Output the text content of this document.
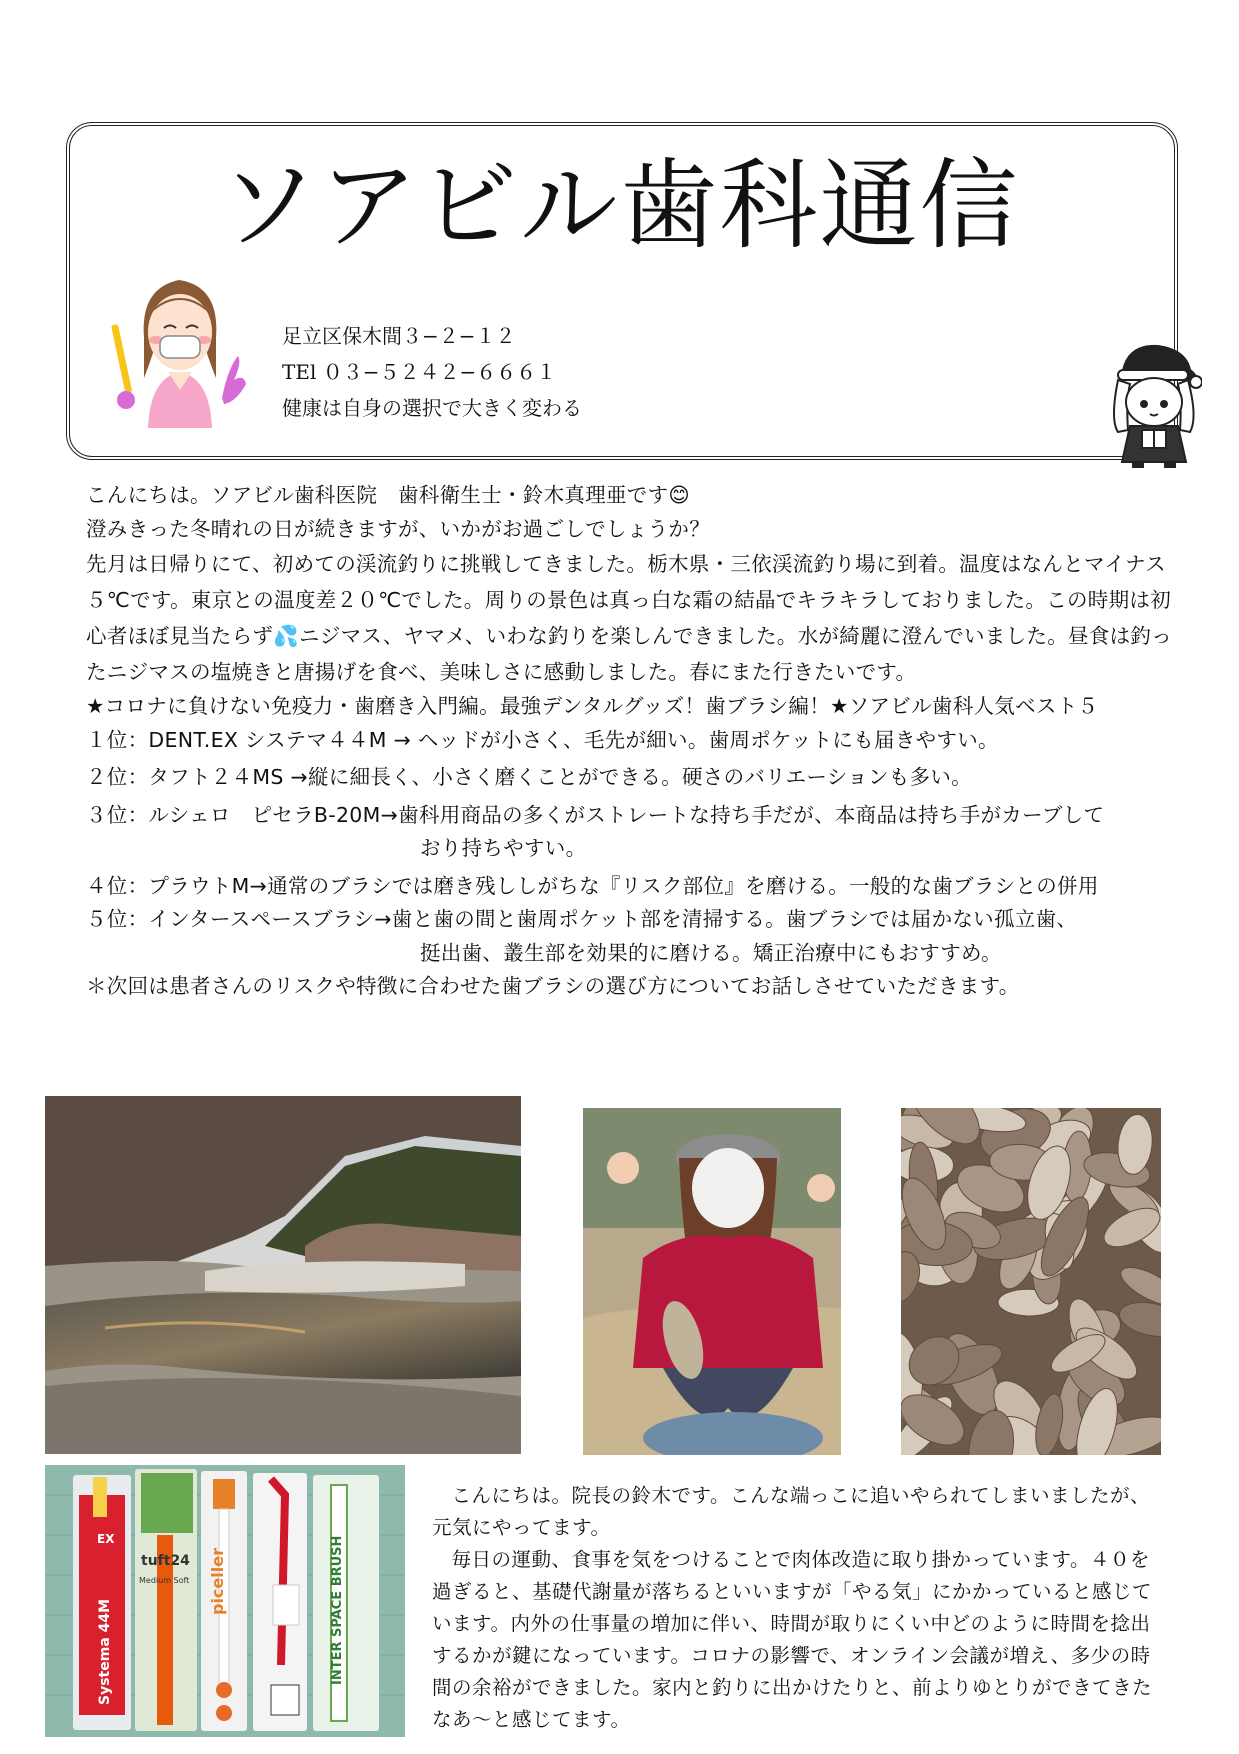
ソアビル歯科通信
足立区保木間３−２−１２
TEl ０３−５２４２−６６６１
健康は自身の選択で大きく変わる

こんにちは。ソアビル歯科医院　歯科衛生士・鈴木真理亜です😊

澄みきった冬晴れの日が続きますが、いかがお過ごしでしょうか？

先月は日帰りにて、初めての渓流釣りに挑戦してきました。栃木県・三依渓流釣り場に到着。温度はなんとマイナス５℃です。東京との温度差２０℃でした。周りの景色は真っ白な霜の結晶でキラキラしておりました。この時期は初心者ほぼ見当たらず💦ニジマス、ヤマメ、いわな釣りを楽しんできました。水が綺麗に澄んでいました。昼食は釣ったニジマスの塩焼きと唐揚げを食べ、美味しさに感動しました。春にまた行きたいです。

★コロナに負けない免疫力・歯磨き入門編。最強デンタルグッズ！歯ブラシ編！★ソアビル歯科人気ベスト５

１位： DENT.EX システマ４４M → ヘッドが小さく、毛先が細い。歯周ポケットにも届きやすい。
２位： タフト２４MS →縦に細長く、小さく磨くことができる。硬さのバリエーションも多い。
３位： ルシェロ　ピセラB-20M→歯科用商品の多くがストレートな持ち手だが、本商品は持ち手がカーブして
おり持ちやすい。
４位： プラウトM→通常のブラシでは磨き残ししがちな『リスク部位』を磨ける。一般的な歯ブラシとの併用
５位： インタースペースブラシ→歯と歯の間と歯周ポケット部を清掃する。歯ブラシでは届かない孤立歯、
挺出歯、叢生部を効果的に磨ける。矯正治療中にもおすすめ。

＊次回は患者さんのリスクや特徴に合わせた歯ブラシの選び方についてお話しさせていただきます。

EX
Systema 44M
tuft24
Medium Soft piceller	INTER SPACE BRUSH

こんにちは。院長の鈴木です。こんな端っこに追いやられてしまいましたが、元気にやってます。

毎日の運動、食事を気をつけることで肉体改造に取り掛かっています。４０を過ぎると、基礎代謝量が落ちるといいますが「やる気」にかかっていると感じています。内外の仕事量の増加に伴い、時間が取りにくい中どのように時間を捻出するかが鍵になっています。コロナの影響で、オンライン会議が増え、多少の時間の余裕ができました。家内と釣りに出かけたりと、前よりゆとりができてきたなあ〜と感じてます。
